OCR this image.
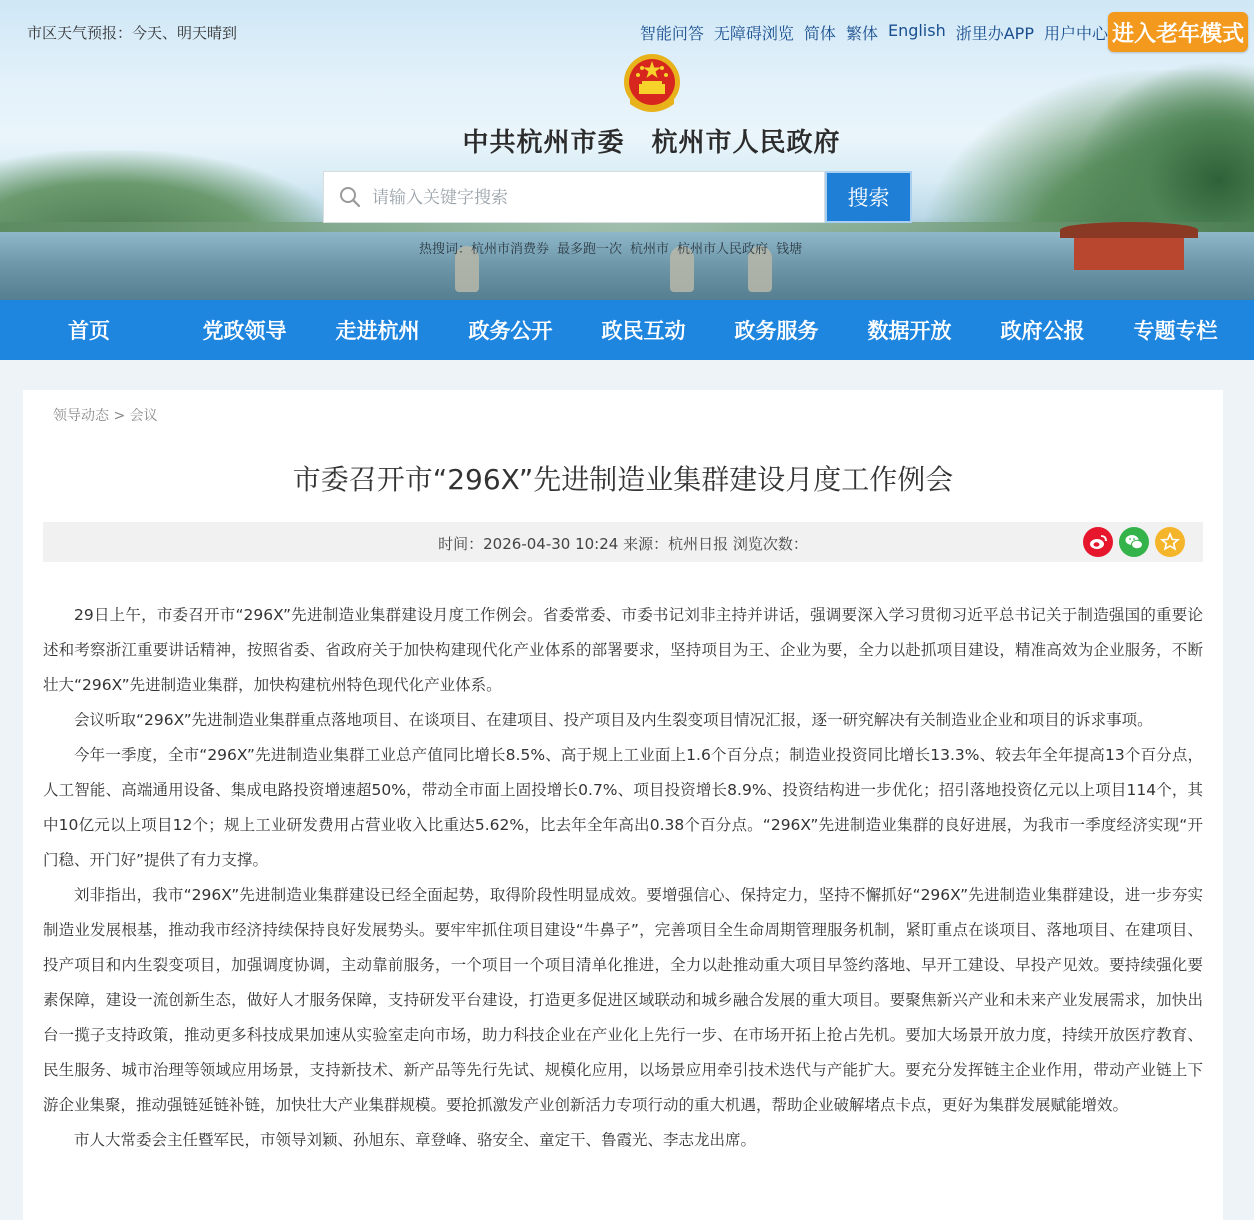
市区天气预报：今天、明天晴到	智能问答 无障碍浏览 简体 繁体 English 浙里办APP 用户中心 进入老年模式
中共杭州市委　杭州市人民政府
请输入关键字搜索
搜索
热搜词：杭州市消费券 最多跑一次 杭州市 杭州市人民政府 钱塘
首页	党政领导	走进杭州	政务公开	政民互动	政务服务	数据开放	政府公报	专题专栏
领导动态 > 会议
市委召开市“296X”先进制造业集群建设月度工作例会
时间：2026-04-30 10:24 来源：杭州日报 浏览次数：

29日上午，市委召开市“296X”先进制造业集群建设月度工作例会。省委常委、市委书记刘非主持并讲话，强调要深入学习贯彻习近平总书记关于制造强国的重要论述和考察浙江重要讲话精神，按照省委、省政府关于加快构建现代化产业体系的部署要求，坚持项目为王、企业为要，全力以赴抓项目建设，精准高效为企业服务，不断壮大“296X”先进制造业集群，加快构建杭州特色现代化产业体系。

会议听取“296X”先进制造业集群重点落地项目、在谈项目、在建项目、投产项目及内生裂变项目情况汇报，逐一研究解决有关制造业企业和项目的诉求事项。

今年一季度，全市“296X”先进制造业集群工业总产值同比增长8.5%、高于规上工业面上1.6个百分点；制造业投资同比增长13.3%、较去年全年提高13个百分点，人工智能、高端通用设备、集成电路投资增速超50%，带动全市面上固投增长0.7%、项目投资增长8.9%、投资结构进一步优化；招引落地投资亿元以上项目114个，其中10亿元以上项目12个；规上工业研发费用占营业收入比重达5.62%，比去年全年高出0.38个百分点。“296X”先进制造业集群的良好进展，为我市一季度经济实现“开门稳、开门好”提供了有力支撑。

刘非指出，我市“296X”先进制造业集群建设已经全面起势，取得阶段性明显成效。要增强信心、保持定力，坚持不懈抓好“296X”先进制造业集群建设，进一步夯实制造业发展根基，推动我市经济持续保持良好发展势头。要牢牢抓住项目建设“牛鼻子”，完善项目全生命周期管理服务机制，紧盯重点在谈项目、落地项目、在建项目、投产项目和内生裂变项目，加强调度协调，主动靠前服务，一个项目一个项目清单化推进，全力以赴推动重大项目早签约落地、早开工建设、早投产见效。要持续强化要素保障，建设一流创新生态，做好人才服务保障，支持研发平台建设，打造更多促进区域联动和城乡融合发展的重大项目。要聚焦新兴产业和未来产业发展需求，加快出台一揽子支持政策，推动更多科技成果加速从实验室走向市场，助力科技企业在产业化上先行一步、在市场开拓上抢占先机。要加大场景开放力度，持续开放医疗教育、民生服务、城市治理等领域应用场景，支持新技术、新产品等先行先试、规模化应用，以场景应用牵引技术迭代与产能扩大。要充分发挥链主企业作用，带动产业链上下游企业集聚，推动强链延链补链，加快壮大产业集群规模。要抢抓激发产业创新活力专项行动的重大机遇，帮助企业破解堵点卡点，更好为集群发展赋能增效。

市人大常委会主任暨军民，市领导刘颖、孙旭东、章登峰、骆安全、童定干、鲁霞光、李志龙出席。
